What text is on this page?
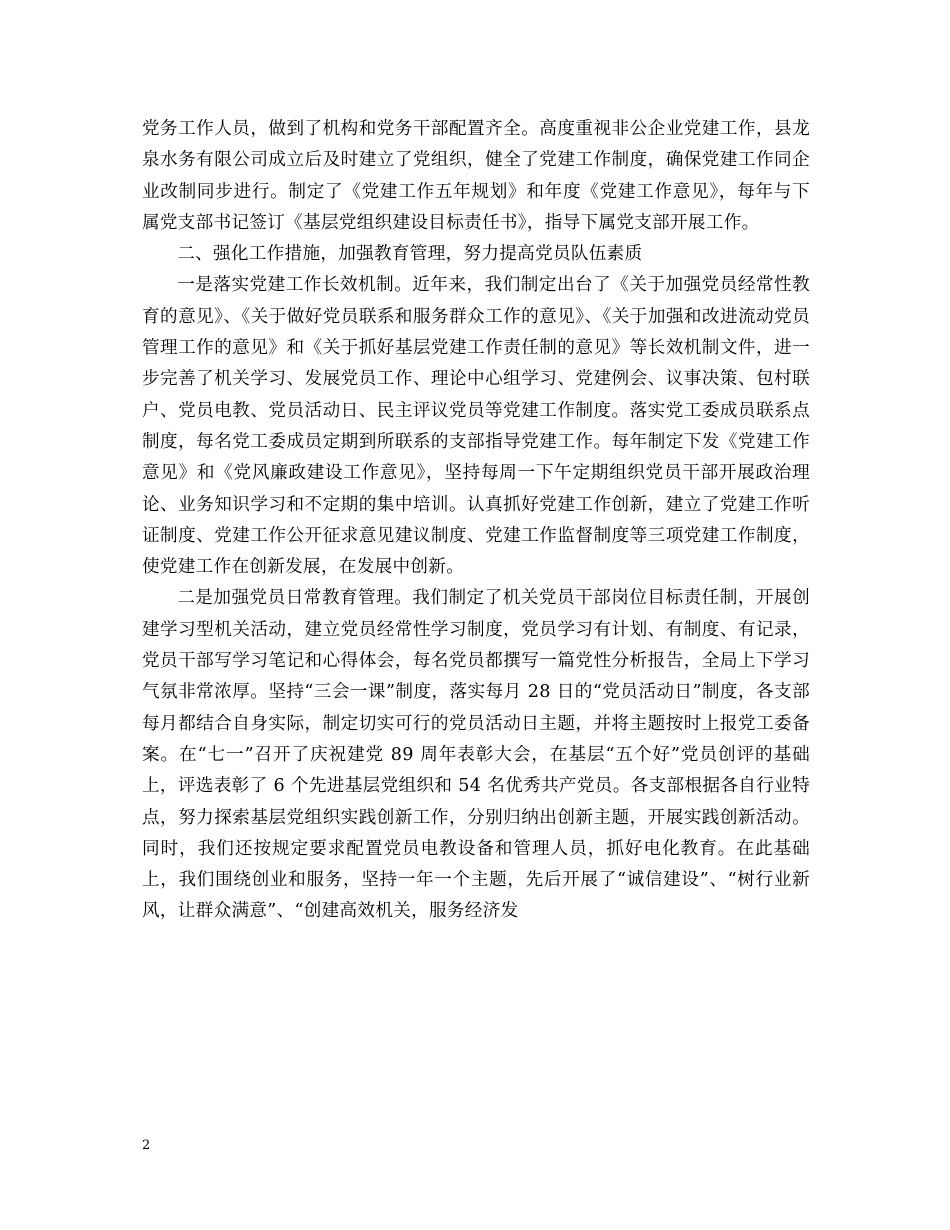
党务工作人员，做到了机构和党务干部配置齐全。高度重视非公企业党建工作，县龙泉水务有限公司成立后及时建立了党组织，健全了党建工作制度，确保党建工作同企业改制同步进行。制定了《党建工作五年规划》和年度《党建工作意见》，每年与下属党支部书记签订《基层党组织建设目标责任书》，指导下属党支部开展工作。

二、强化工作措施，加强教育管理，努力提高党员队伍素质

一是落实党建工作长效机制。近年来，我们制定出台了《关于加强党员经常性教育的意见》、《关于做好党员联系和服务群众工作的意见》、《关于加强和改进流动党员管理工作的意见》和《关于抓好基层党建工作责任制的意见》等长效机制文件，进一步完善了机关学习、发展党员工作、理论中心组学习、党建例会、议事决策、包村联户、党员电教、党员活动日、民主评议党员等党建工作制度。落实党工委成员联系点制度，每名党工委成员定期到所联系的支部指导党建工作。每年制定下发《党建工作意见》和《党风廉政建设工作意见》，坚持每周一下午定期组织党员干部开展政治理论、业务知识学习和不定期的集中培训。认真抓好党建工作创新，建立了党建工作听证制度、党建工作公开征求意见建议制度、党建工作监督制度等三项党建工作制度，使党建工作在创新发展，在发展中创新。

二是加强党员日常教育管理。我们制定了机关党员干部岗位目标责任制，开展创建学习型机关活动，建立党员经常性学习制度，党员学习有计划、有制度、有记录，党员干部写学习笔记和心得体会，每名党员都撰写一篇党性分析报告，全局上下学习气氛非常浓厚。坚持“三会一课”制度，落实每月 28 日的“党员活动日”制度，各支部每月都结合自身实际，制定切实可行的党员活动日主题，并将主题按时上报党工委备案。在“七一”召开了庆祝建党 89 周年表彰大会，在基层“五个好”党员创评的基础上，评选表彰了 6 个先进基层党组织和 54 名优秀共产党员。各支部根据各自行业特点，努力探索基层党组织实践创新工作，分别归纳出创新主题，开展实践创新活动。同时，我们还按规定要求配置党员电教设备和管理人员，抓好电化教育。在此基础上，我们围绕创业和服务，坚持一年一个主题，先后开展了“诚信建设”、“树行业新风，让群众满意”、“创建高效机关，服务经济发

2
